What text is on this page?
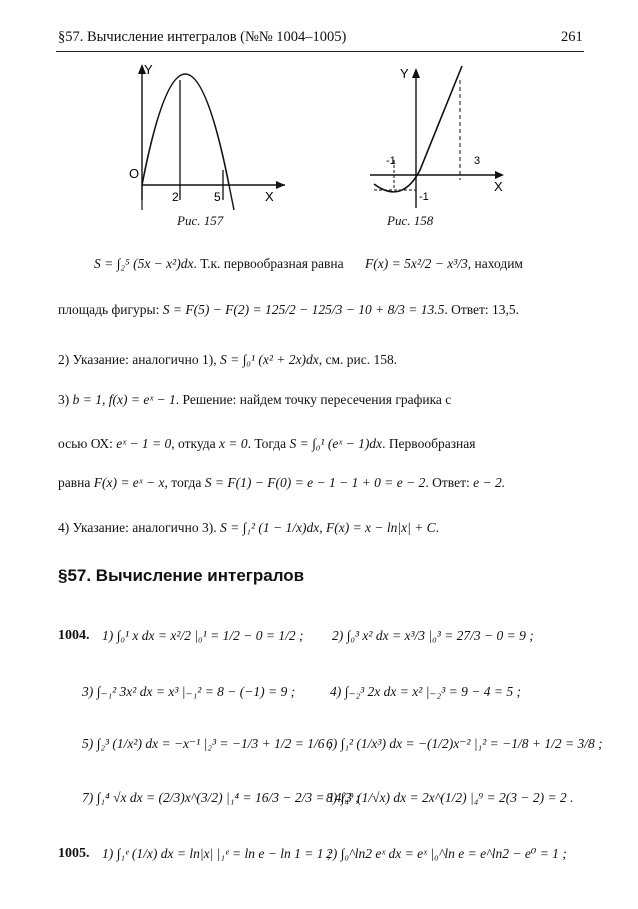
§57. Вычисление интегралов (№№ 1004–1005)	261
Y
X
O
2	5
Рис. 157
Y
X
-1	3
-1
Рис. 158
S = ∫₂⁵ (5x − x²)dx. Т.к. первообразная равна F(x) = 5x²/2 − x³/3, находим
площадь фигуры: S = F(5) − F(2) = 125/2 − 125/3 − 10 + 8/3 = 13.5. Ответ: 13,5.
2) Указание: аналогично 1), S = ∫₀¹ (x² + 2x)dx, см. рис. 158.
3) b = 1, f(x) = eˣ − 1. Решение: найдем точку пересечения графика с
осью ОХ: eˣ − 1 = 0, откуда x = 0. Тогда S = ∫₀¹ (eˣ − 1)dx. Первообразная
равна F(x) = eˣ − x, тогда S = F(1) − F(0) = e − 1 − 1 + 0 = e − 2. Ответ: e − 2.
4) Указание: аналогично 3). S = ∫₁² (1 − 1/x)dx, F(x) = x − ln|x| + C.
§57. Вычисление интегралов
1004. 1) ∫₀¹ x dx = x²/2 |₀¹ = 1/2 − 0 = 1/2 ; 2) ∫₀³ x² dx = x³/3 |₀³ = 27/3 − 0 = 9 ;
3) ∫₋₁² 3x² dx = x³ |₋₁² = 8 − (−1) = 9 ;	4) ∫₋₂³ 2x dx = x² |₋₂³ = 9 − 4 = 5 ;
5) ∫₂³ (1/x²) dx = −x⁻¹ |₂³ = −1/3 + 1/2 = 1/6 ;
6) ∫₁² (1/x³) dx = −(1/2)x⁻² |₁² = −1/8 + 1/2 = 3/8 ;
7) ∫₁⁴ √x dx = (2/3)x^(3/2) |₁⁴ = 16/3 − 2/3 = 14/3 ;
8) ∫₄⁹ (1/√x) dx = 2x^(1/2) |₄⁹ = 2(3 − 2) = 2 .
1005. 1) ∫₁ᵉ (1/x) dx = ln|x| |₁ᵉ = ln e − ln 1 = 1 ;
2) ∫₀^ln2 eˣ dx = eˣ |₀^ln e = e^ln2 − e⁰ = 1 ;
